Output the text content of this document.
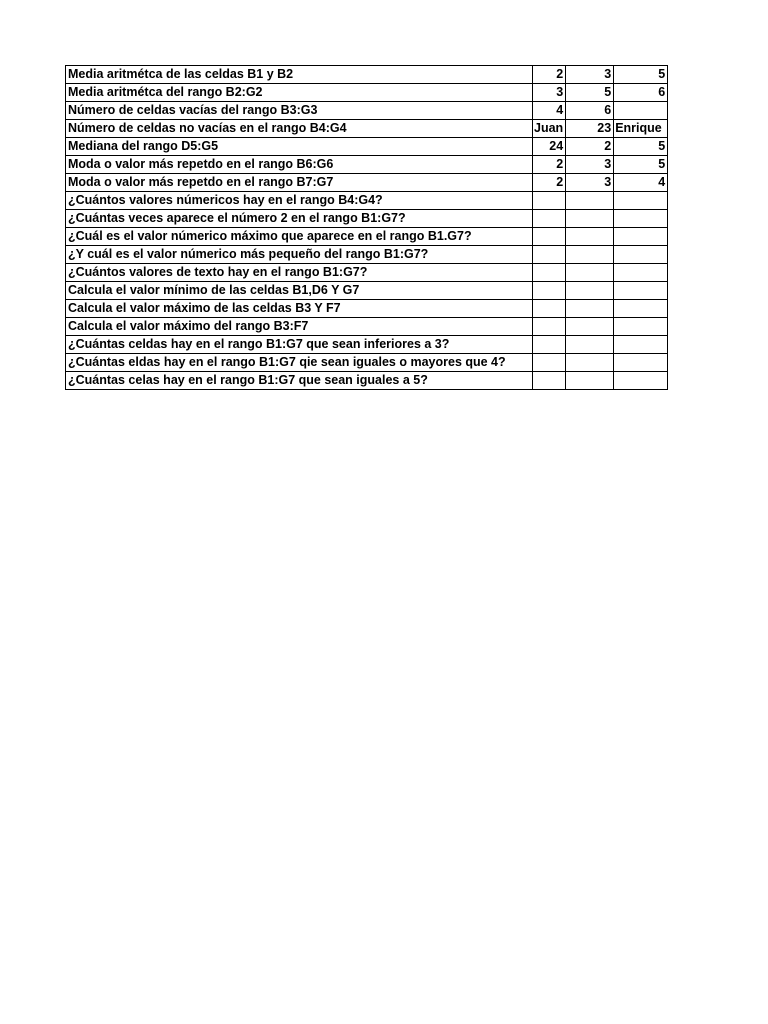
Media aritmétca de las celdas B1 y B2	2	3	5
Media aritmétca del rango B2:G2	3	5	6
Número de celdas vacías del rango B3:G3	4	6	
Número de celdas no vacías en el rango B4:G4	Juan	23	Enrique
Mediana del rango D5:G5	24	2	5
Moda o valor más repetdo en el rango B6:G6	2	3	5
Moda o valor más repetdo en el rango B7:G7	2	3	4
¿Cuántos valores númericos hay en el rango B4:G4?			
¿Cuántas veces aparece el número 2 en el rango B1:G7?			
¿Cuál es el valor númerico máximo que aparece en el rango B1.G7?			
¿Y cuál es el valor númerico más pequeño del rango B1:G7?			
¿Cuántos valores de texto hay en el rango B1:G7?			
Calcula el valor mínimo de las celdas B1,D6 Y G7			
Calcula el valor máximo de las celdas B3 Y F7			
Calcula el valor máximo del rango B3:F7			
¿Cuántas celdas hay en el rango B1:G7 que sean inferiores a 3?			
¿Cuántas eldas hay en el rango B1:G7 qie sean iguales o mayores que 4?			
¿Cuántas celas hay en el rango B1:G7 que sean iguales a 5?			
